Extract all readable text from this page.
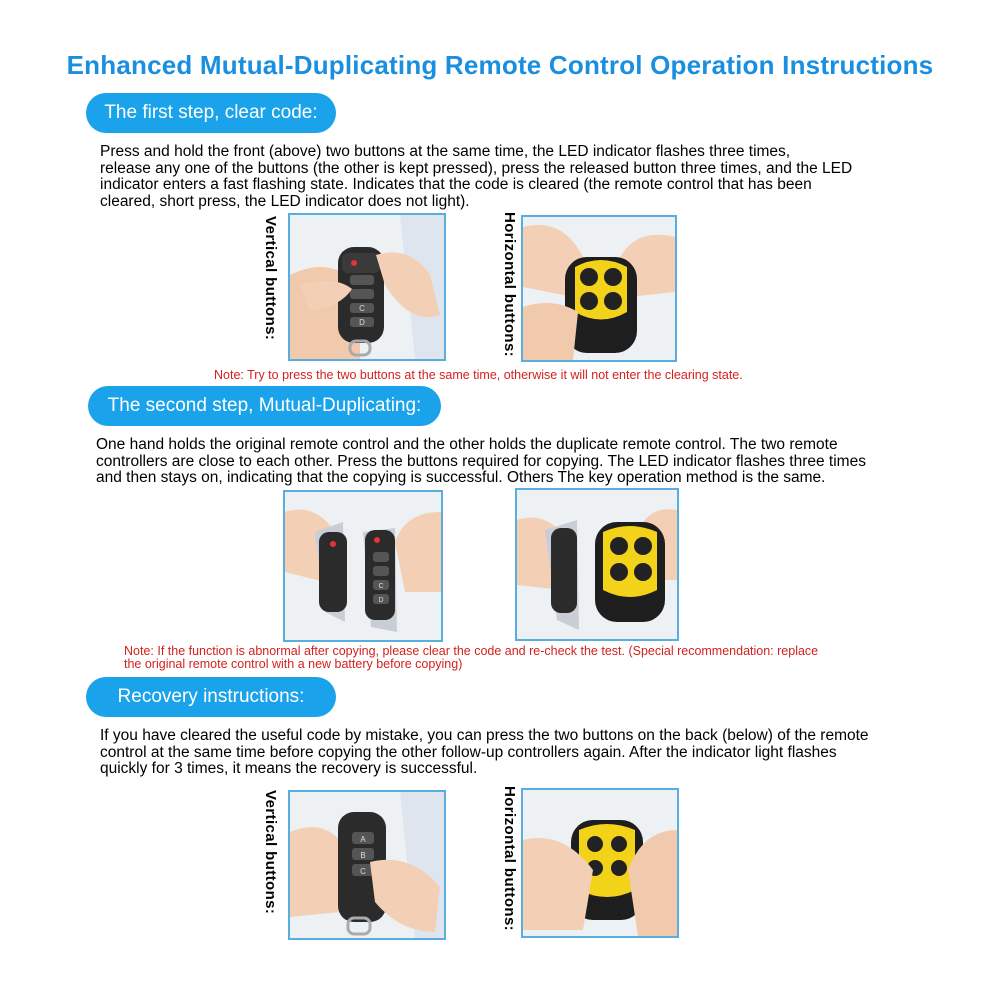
Enhanced Mutual-Duplicating Remote Control Operation Instructions
The first step, clear code:
Press and hold the front (above) two buttons at the same time, the LED indicator flashes three times,
release any one of the buttons (the other is kept pressed), press the released button three times, and the LED
indicator enters a fast flashing state. Indicates that the code is cleared (the remote control that has been
cleared, short press, the LED indicator does not light).
Vertical buttons:	C
D	Horizontal buttons:
Note: Try to press the two buttons at the same time, otherwise it will not enter the clearing state.
The second step, Mutual-Duplicating:
One hand holds the original remote control and the other holds the duplicate remote control. The two remote
controllers are close to each other. Press the buttons required for copying. The LED indicator flashes three times
and then stays on, indicating that the copying is successful. Others The key operation method is the same.
C
D
Note: If the function is abnormal after copying, please clear the code and re-check the test. (Special recommendation: replace
the original remote control with a new battery before copying)
Recovery instructions:
If you have cleared the useful code by mistake, you can press the two buttons on the back (below) of the remote
control at the same time before copying the other follow-up controllers again. After the indicator light flashes
quickly for 3 times, it means the recovery is successful.
Vertical buttons:	A
B
C	Horizontal buttons:
